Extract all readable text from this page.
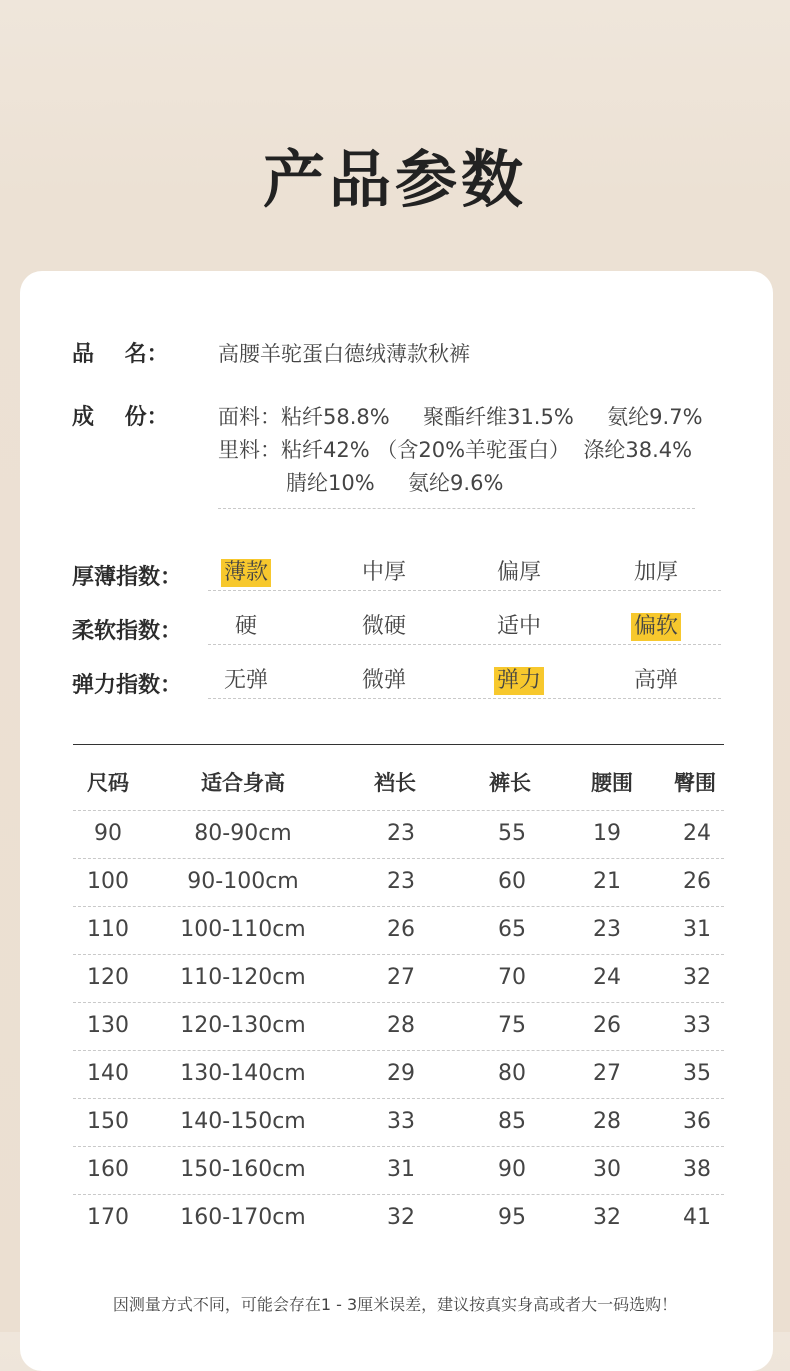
产品参数
品    名： 高腰羊驼蛋白德绒薄款秋裤
成    份： 面料：粘纤58.8%     聚酯纤维31.5%     氨纶9.7%
里料：粘纤42% （含20%羊驼蛋白）  涤纶38.4%
腈纶10%     氨纶9.6%
厚薄指数： 薄款	中厚	偏厚	加厚
柔软指数： 硬	微硬	适中	偏软
弹力指数： 无弹	微弹	弹力	高弹
尺码	适合身高	裆长	裤长	腰围 臀围
90	80-90cm	23	55	19	24
100	90-100cm	23	60	21	26
110 100-110cm	26	65	23	31
120 110-120cm	27	70	24	32
130 120-130cm	28	75	26	33
140 130-140cm	29	80	27	35
150 140-150cm	33	85	28	36
160 150-160cm	31	90	30	38
170 160-170cm	32	95	32	41
因测量方式不同，可能会存在1 - 3厘米误差，建议按真实身高或者大一码选购！
